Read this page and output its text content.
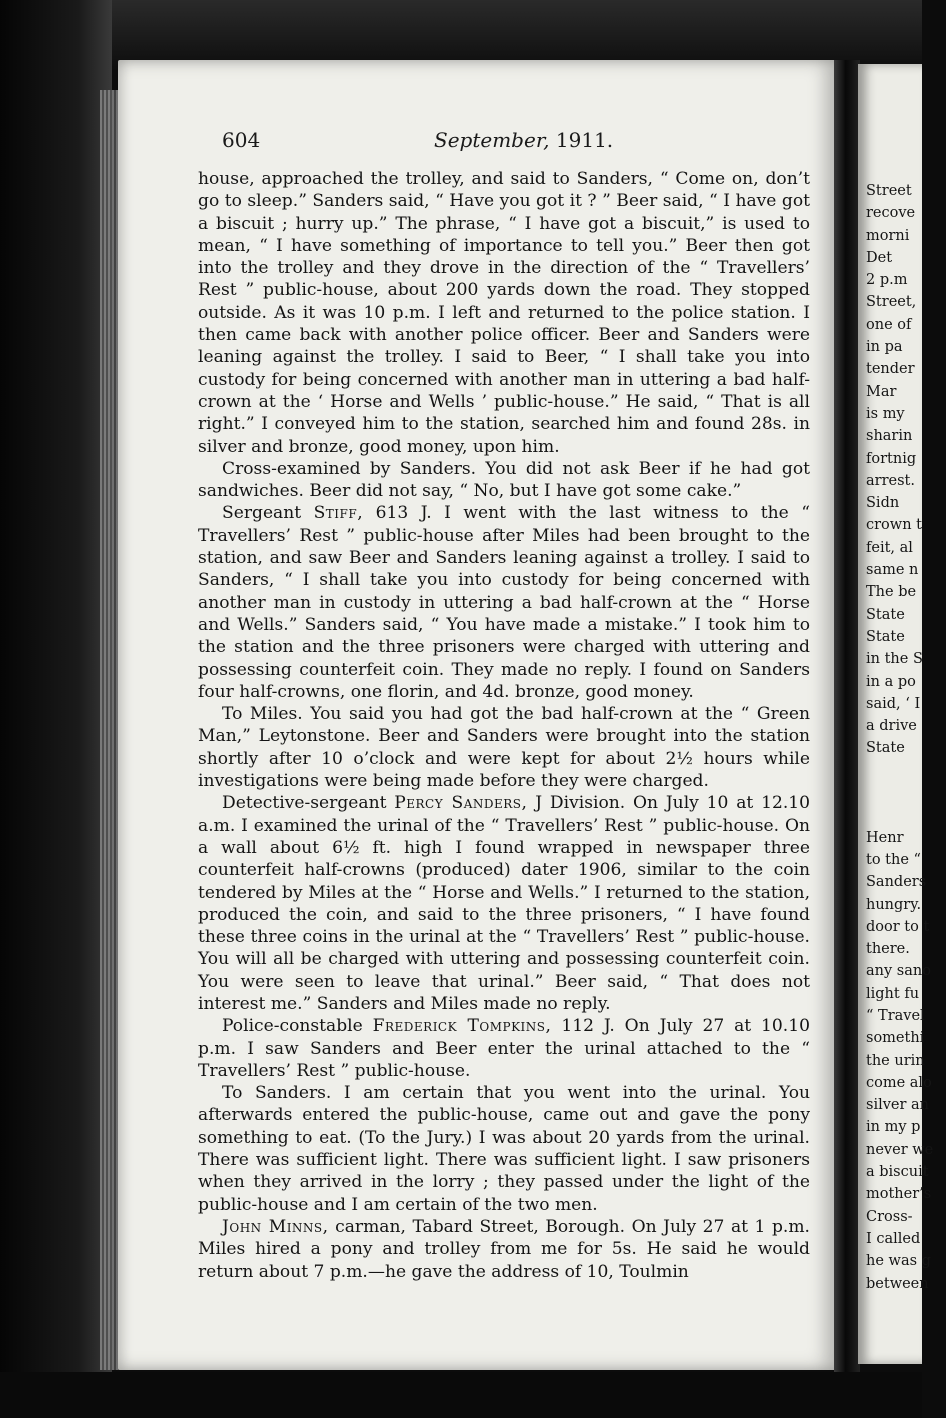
Street
recove
morni
Det
2 p.m
Street,
one of
in pa
tender
Mar
is my
sharin
fortnig
arrest.
Sidn
crown t
feit, al
same n
The be
State
State
in the S
in a po
said, ‘ I
a drive
State
Henr
to the “
Sanders
hungry.
door to t
there.
any sano
light fu
“ Travel
somethi
the urin
come alo
silver an
in my p
never we
a biscuit
mother’s
Cross-
I called
he was g
between
604	September, 1911.

house, approached the trolley, and said to Sanders, “ Come on, don’t go to sleep.” Sanders said, “ Have you got it ? ” Beer said, “ I have got a biscuit ; hurry up.” The phrase, “ I have got a biscuit,” is used to mean, “ I have something of importance to tell you.” Beer then got into the trolley and they drove in the direction of the “ Travellers’ Rest ” public-house, about 200 yards down the road. They stopped outside. As it was 10 p.m. I left and returned to the police station. I then came back with another police officer. Beer and Sanders were leaning against the trolley. I said to Beer, “ I shall take you into custody for being concerned with another man in uttering a bad half-crown at the ‘ Horse and Wells ’ public-house.” He said, “ That is all right.” I conveyed him to the station, searched him and found 28s. in silver and bronze, good money, upon him.

Cross-examined by Sanders. You did not ask Beer if he had got sandwiches. Beer did not say, “ No, but I have got some cake.”

Sergeant Stiff, 613 J. I went with the last witness to the “ Travellers’ Rest ” public-house after Miles had been brought to the station, and saw Beer and Sanders leaning against a trolley. I said to Sanders, “ I shall take you into custody for being concerned with another man in custody in uttering a bad half-crown at the “ Horse and Wells.” Sanders said, “ You have made a mistake.” I took him to the station and the three prisoners were charged with uttering and possessing counterfeit coin. They made no reply. I found on Sanders four half-crowns, one florin, and 4d. bronze, good money.

To Miles. You said you had got the bad half-crown at the “ Green Man,” Leytonstone. Beer and Sanders were brought into the station shortly after 10 o’clock and were kept for about 2½ hours while investigations were being made before they were charged.

Detective-sergeant Percy Sanders, J Division. On July 10 at 12.10 a.m. I examined the urinal of the “ Travellers’ Rest ” public-house. On a wall about 6½ ft. high I found wrapped in newspaper three counterfeit half-crowns (produced) dater 1906, similar to the coin tendered by Miles at the “ Horse and Wells.” I returned to the station, produced the coin, and said to the three prisoners, “ I have found these three coins in the urinal at the “ Travellers’ Rest ” public-house. You will all be charged with uttering and possessing counterfeit coin. You were seen to leave that urinal.” Beer said, “ That does not interest me.” Sanders and Miles made no reply.

Police-constable Frederick Tompkins, 112 J. On July 27 at 10.10 p.m. I saw Sanders and Beer enter the urinal attached to the “ Travellers’ Rest ” public-house.

To Sanders. I am certain that you went into the urinal. You afterwards entered the public-house, came out and gave the pony something to eat. (To the Jury.) I was about 20 yards from the urinal. There was sufficient light. There was sufficient light. I saw prisoners when they arrived in the lorry ; they passed under the light of the public-house and I am certain of the two men.

John Minns, carman, Tabard Street, Borough. On July 27 at 1 p.m. Miles hired a pony and trolley from me for 5s. He said he would return about 7 p.m.—he gave the address of 10, Toulmin
